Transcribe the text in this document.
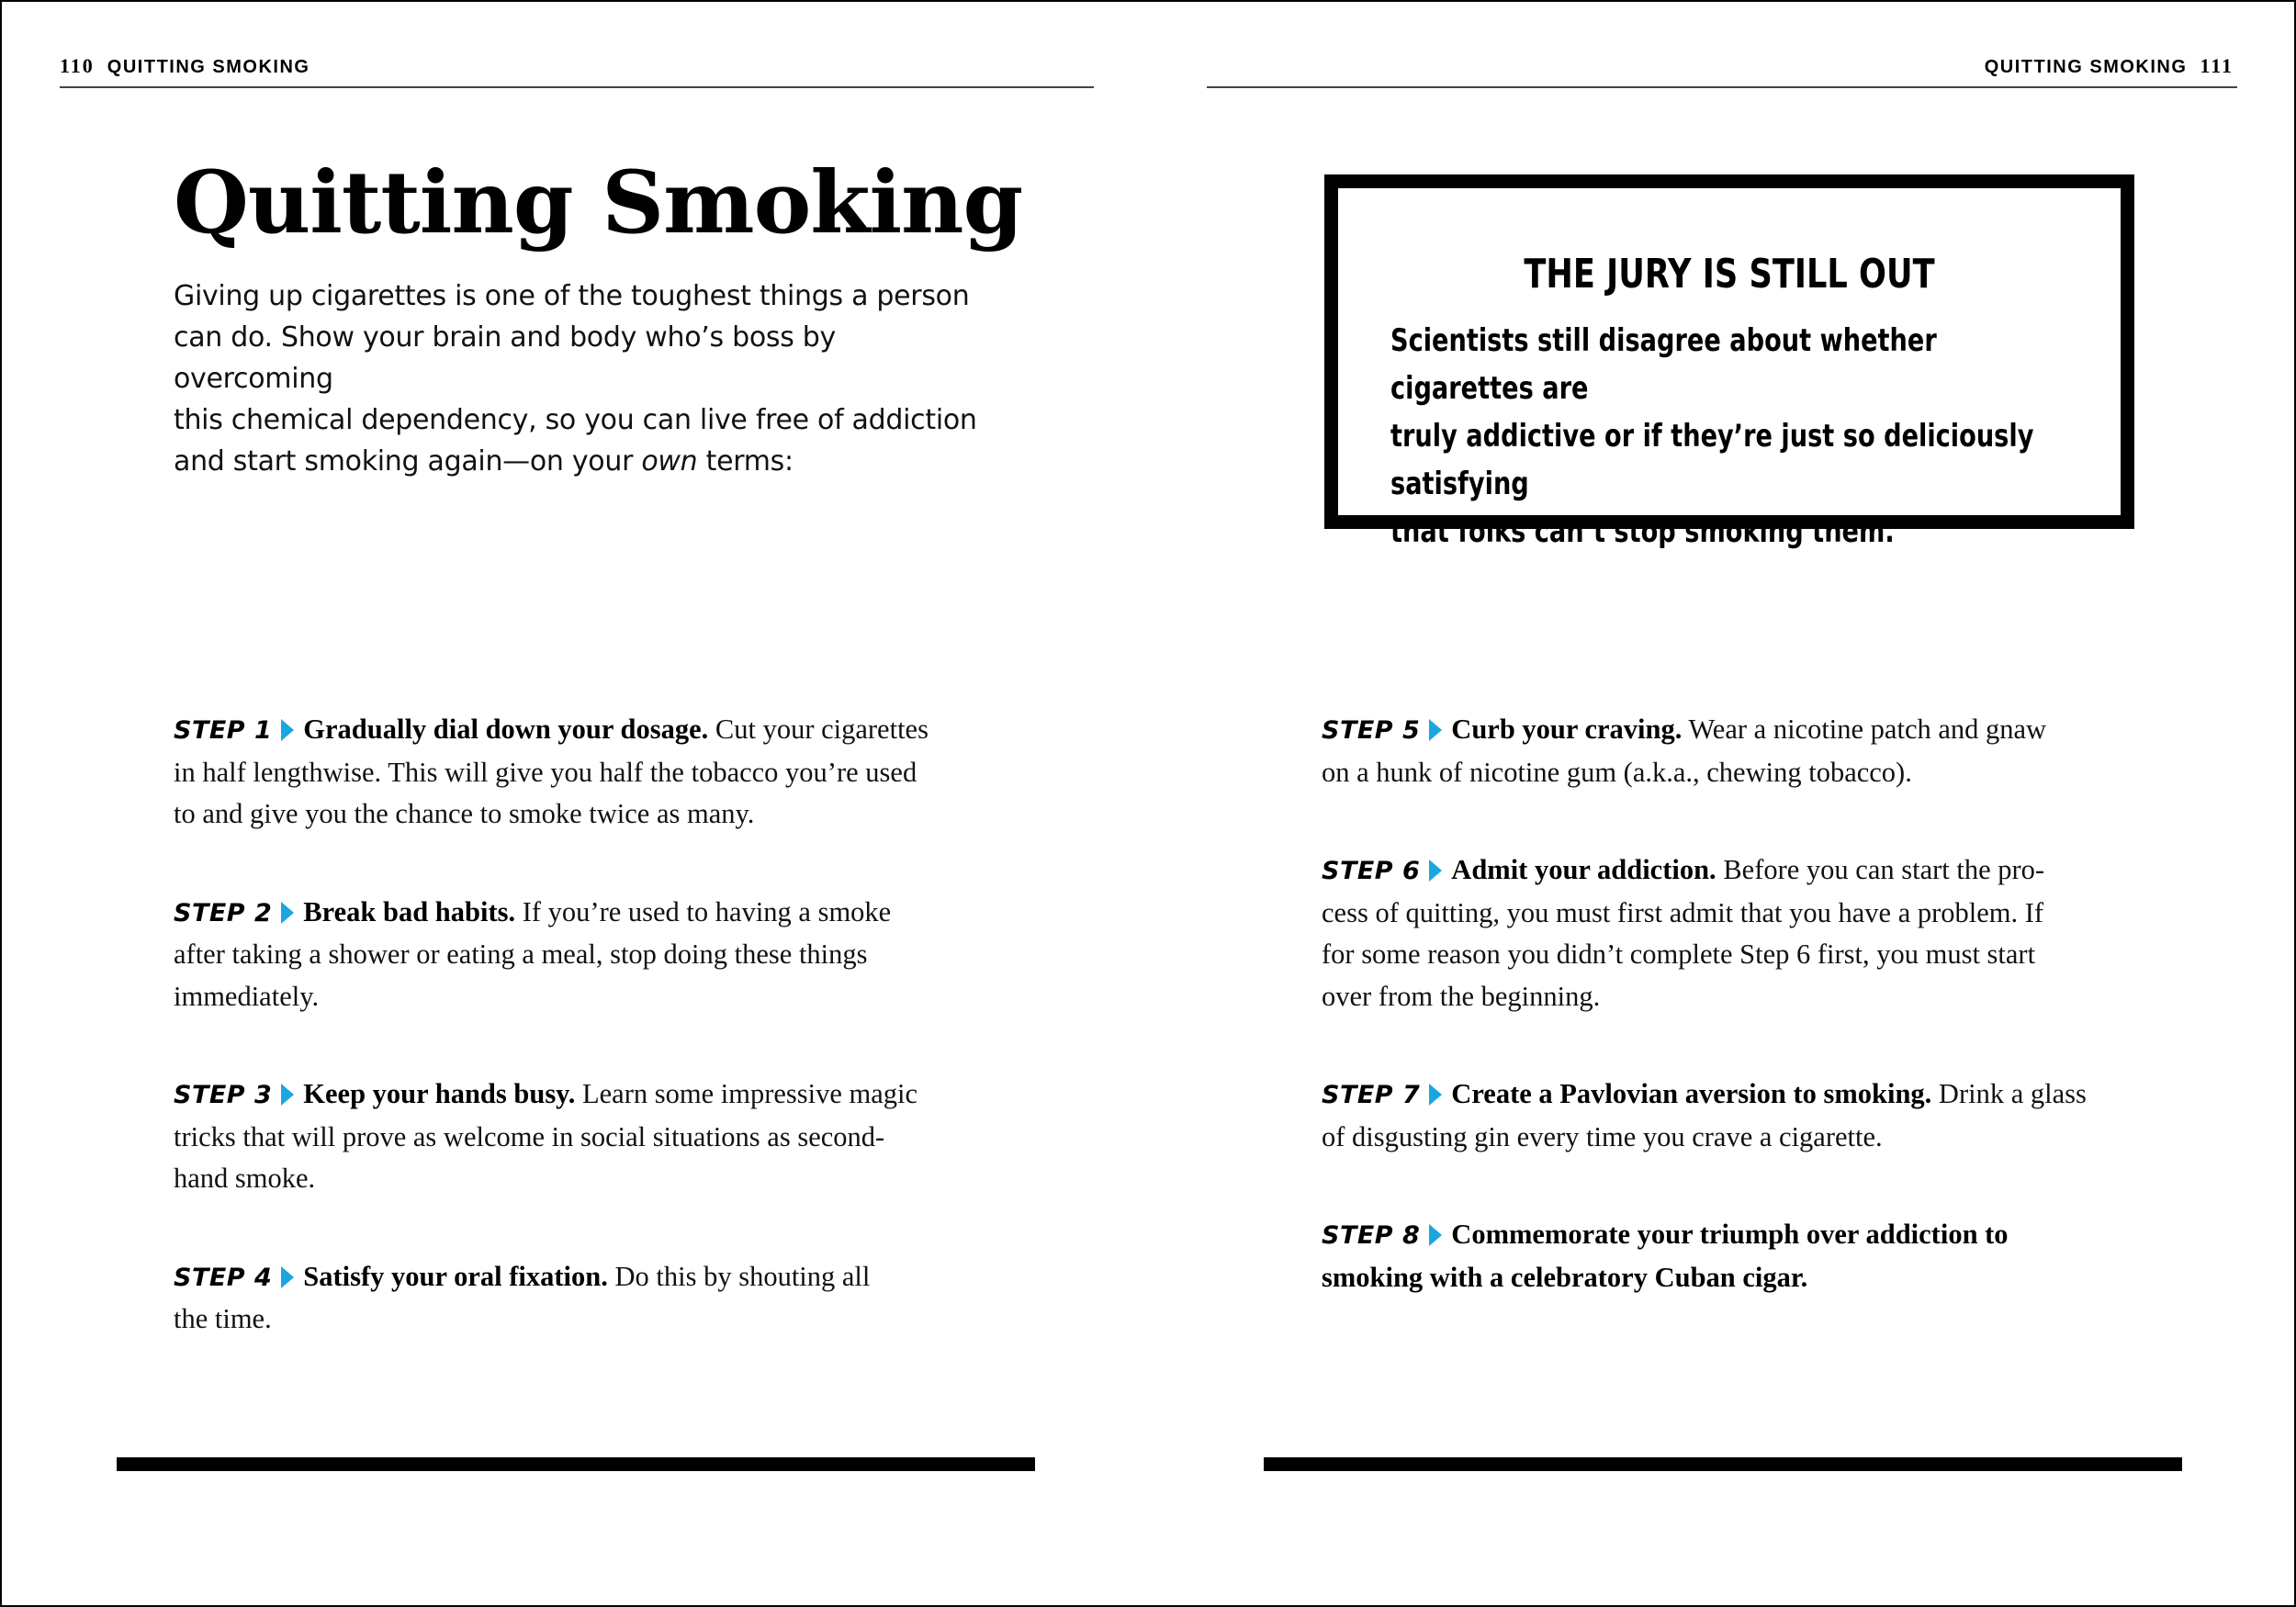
110 QUITTING SMOKING
Quitting Smoking

Giving up cigarettes is one of the toughest things a person
can do. Show your brain and body who’s boss by overcoming
this chemical dependency, so you can live free of addiction
and start smoking again—on your own terms:

STEP 1 Gradually dial down your dosage. Cut your cigarettes
in half lengthwise. This will give you half the tobacco you’re used
to and give you the chance to smoke twice as many.

STEP 2 Break bad habits. If you’re used to having a smoke
after taking a shower or eating a meal, stop doing these things
immediately.

STEP 3 Keep your hands busy. Learn some impressive magic
tricks that will prove as welcome in social situations as second-
hand smoke.

STEP 4 Satisfy your oral fixation. Do this by shouting all
the time.

QUITTING SMOKING 111
THE JURY IS STILL OUT

Scientists still disagree about whether cigarettes are
truly addictive or if they’re just so deliciously satisfying
that folks can’t stop smoking them.

STEP 5 Curb your craving. Wear a nicotine patch and gnaw
on a hunk of nicotine gum (a.k.a., chewing tobacco).

STEP 6 Admit your addiction. Before you can start the pro-
cess of quitting, you must first admit that you have a problem. If
for some reason you didn’t complete Step 6 first, you must start
over from the beginning.

STEP 7 Create a Pavlovian aversion to smoking. Drink a glass
of disgusting gin every time you crave a cigarette.

STEP 8 Commemorate your triumph over addiction to
smoking with a celebratory Cuban cigar.
